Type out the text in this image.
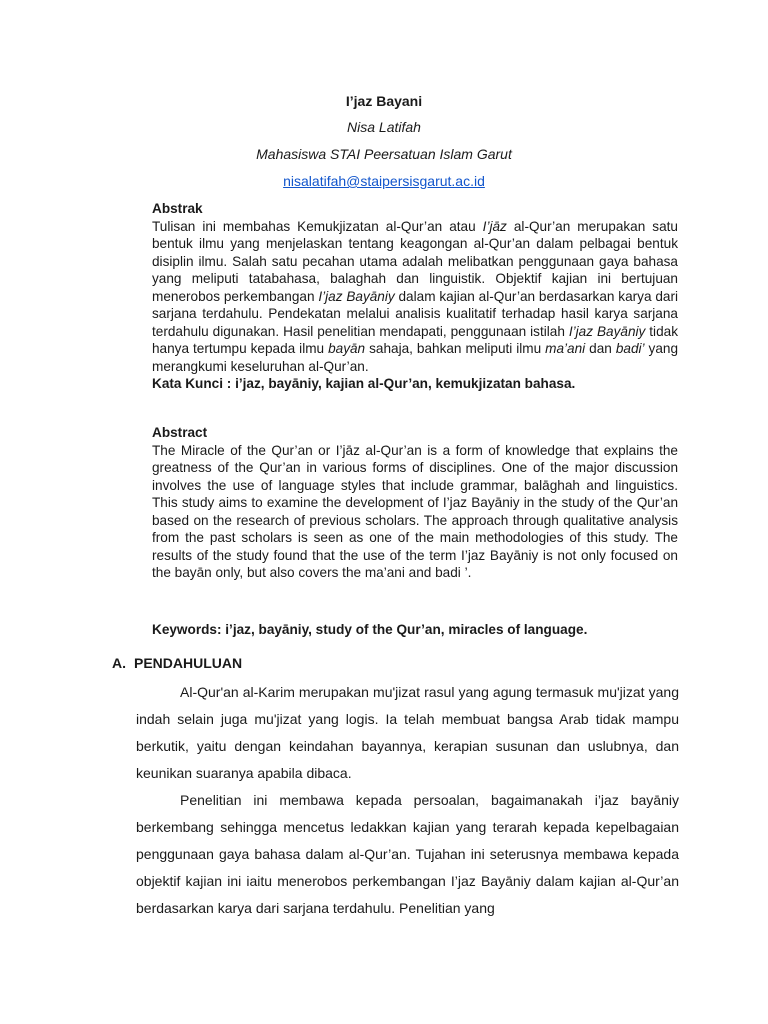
I’jaz Bayani
Nisa Latifah
Mahasiswa STAI Peersatuan Islam Garut
nisalatifah@staipersisgarut.ac.id
Abstrak
Tulisan ini membahas Kemukjizatan al-Qur’an atau I’jāz al-Qur’an merupakan satu bentuk ilmu yang menjelaskan tentang keagongan al-Qur’an dalam pelbagai bentuk disiplin ilmu. Salah satu pecahan utama adalah melibatkan penggunaan gaya bahasa yang meliputi tatabahasa, balaghah dan linguistik. Objektif kajian ini bertujuan menerobos perkembangan I’jaz Bayāniy dalam kajian al-Qur’an berdasarkan karya dari sarjana terdahulu. Pendekatan melalui analisis kualitatif terhadap hasil karya sarjana terdahulu digunakan. Hasil penelitian mendapati, penggunaan istilah I’jaz Bayāniy tidak hanya tertumpu kepada ilmu bayān sahaja, bahkan meliputi ilmu ma’ani dan badi’ yang merangkumi keseluruhan al-Qur’an.
Kata Kunci : i’jaz, bayāniy, kajian al-Qur’an, kemukjizatan bahasa.
Abstract
The Miracle of the Qur’an or I’jāz al-Qur’an is a form of knowledge that explains the greatness of the Qur’an in various forms of disciplines. One of the major discussion involves the use of language styles that include grammar, balāghah and linguistics. This study aims to examine the development of I’jaz Bayāniy in the study of the Qur’an based on the research of previous scholars. The approach through qualitative analysis from the past scholars is seen as one of the main methodologies of this study. The results of the study found that the use of the term I’jaz Bayāniy is not only focused on the bayān only, but also covers the ma’ani and badi ’.
Keywords: i’jaz, bayāniy, study of the Qur’an, miracles of language.
A. PENDAHULUAN

Al-Qur'an al-Karim merupakan mu'jizat rasul yang agung termasuk mu'jizat yang indah selain juga mu'jizat yang logis. Ia telah membuat bangsa Arab tidak mampu berkutik, yaitu dengan keindahan bayannya, kerapian susunan dan uslubnya, dan keunikan suaranya apabila dibaca.

Penelitian ini membawa kepada persoalan, bagaimanakah i’jaz bayāniy berkembang sehingga mencetus ledakkan kajian yang terarah kepada kepelbagaian penggunaan gaya bahasa dalam al-Qur’an. Tujahan ini seterusnya membawa kepada objektif kajian ini iaitu menerobos perkembangan I’jaz Bayāniy dalam kajian al-Qur’an berdasarkan karya dari sarjana terdahulu. Penelitian yang
